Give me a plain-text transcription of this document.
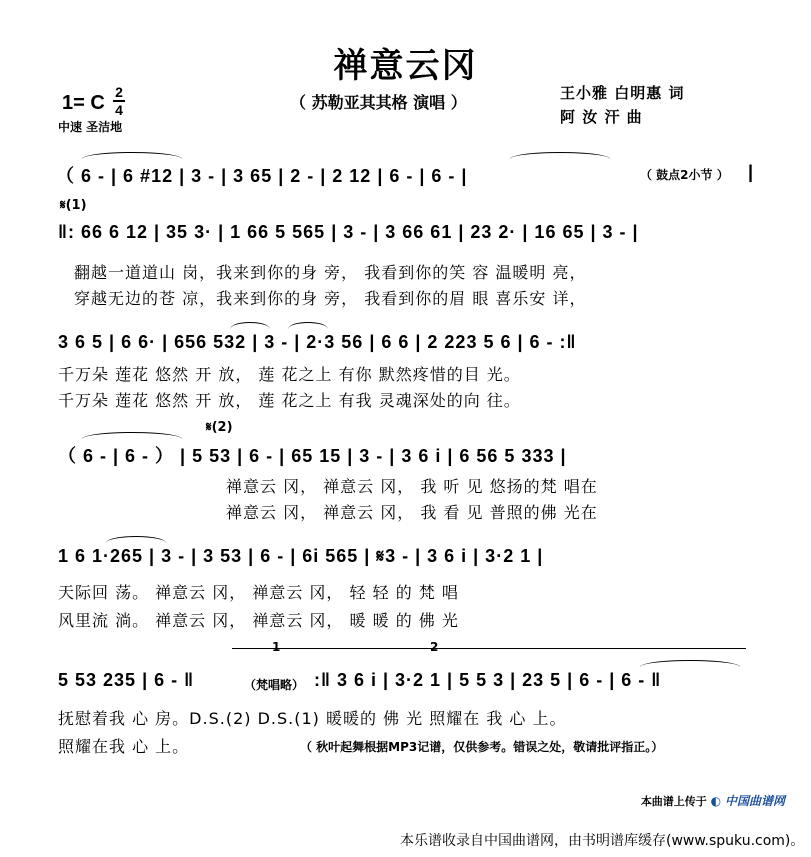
禅意云冈
1= C 2
4
中速 圣洁地
（ 苏勒亚其其格 演唱 ）	王小雅 白明惠 词
阿 汝 汗 曲
（ 6 - | 6 #12 | 3 - | 3 65 | 2 - | 2 12 | 6 - | 6 - |	（ 鼓点2小节 ） |
𝄋(1)
‖: 66 6 12 | 35 3· | 1 66 5 565 | 3 - | 3 66 61 | 23 2· | 16 65 | 3 - |
翻越一道道山 岗，我来到你的身 旁， 我看到你的笑 容 温暖明 亮，
穿越无边的苍 凉，我来到你的身 旁， 我看到你的眉 眼 喜乐安 详，
3 6 5 | 6 6· | 656 532 | 3 - | 2·3 56 | 6 6 | 2 223 5 6 | 6 - :‖
千万朵 莲花 悠然 开 放， 莲 花之上 有你 默然疼惜的目 光。
千万朵 莲花 悠然 开 放， 莲 花之上 有我 灵魂深处的向 往。
𝄋(2)
（ 6 - | 6 - ） | 5 53 | 6 - | 65 15 | 3 - | 3 6 i | 6 56 5 333 |
禅意云 冈， 禅意云 冈， 我 听 见 悠扬的梵 唱在
禅意云 冈， 禅意云 冈， 我 看 见 普照的佛 光在
1 6 1·265 | 3 - | 3 53 | 6 - | 6i 565 | 𝄋3 - | 3 6 i | 3·2 1 |
天际回 荡。 禅意云 冈， 禅意云 冈， 轻 轻 的 梵 唱
风里流 淌。 禅意云 冈， 禅意云 冈， 暖 暖 的 佛 光
1	2
5 53 235 | 6 - ‖	（梵唱略） :‖ 3 6 i | 3·2 1 | 5 5 3 | 23 5 | 6 - | 6 - ‖
抚慰着我 心 房。D.S.(2) D.S.(1) 暖暖的 佛 光 照耀在 我 心 上。
照耀在我 心 上。	（ 秋叶起舞根据MP3记谱，仅供参考。错误之处，敬请批评指正。）
本曲谱上传于 ◐ 中国曲谱网
本乐谱收录自中国曲谱网，由书明谱库缓存(www.spuku.com)。
